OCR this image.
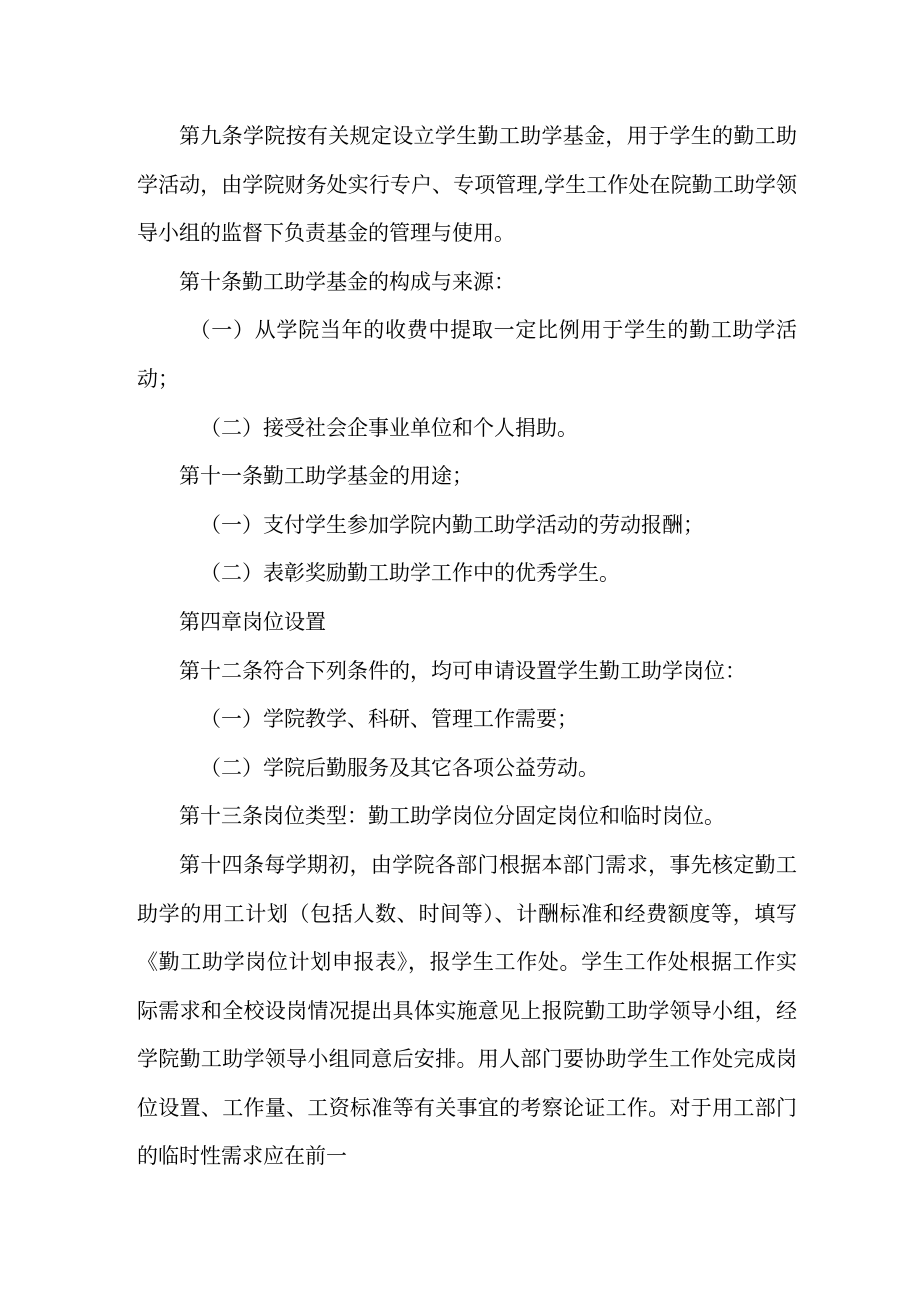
第九条学院按有关规定设立学生勤工助学基金，用于学生的勤工助学活动，由学院财务处实行专户、专项管理,学生工作处在院勤工助学领导小组的监督下负责基金的管理与使用。

第十条勤工助学基金的构成与来源：

（一）从学院当年的收费中提取一定比例用于学生的勤工助学活动；

（二）接受社会企事业单位和个人捐助。

第十一条勤工助学基金的用途；

（一）支付学生参加学院内勤工助学活动的劳动报酬；

（二）表彰奖励勤工助学工作中的优秀学生。

第四章岗位设置

第十二条符合下列条件的，均可申请设置学生勤工助学岗位：

（一）学院教学、科研、管理工作需要；

（二）学院后勤服务及其它各项公益劳动。

第十三条岗位类型：勤工助学岗位分固定岗位和临时岗位。

第十四条每学期初，由学院各部门根据本部门需求，事先核定勤工助学的用工计划（包括人数、时间等）、计酬标准和经费额度等，填写《勤工助学岗位计划申报表》，报学生工作处。学生工作处根据工作实际需求和全校设岗情况提出具体实施意见上报院勤工助学领导小组，经学院勤工助学领导小组同意后安排。用人部门要协助学生工作处完成岗位设置、工作量、工资标准等有关事宜的考察论证工作。对于用工部门的临时性需求应在前一
